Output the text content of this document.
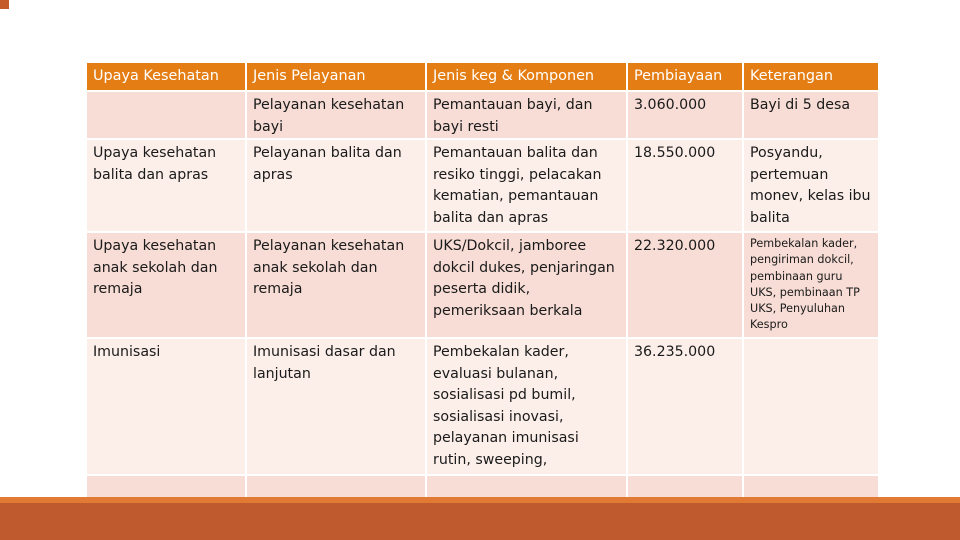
Upaya Kesehatan	Jenis Pelayanan	Jenis keg & Komponen	Pembiayaan	Keterangan
	Pelayanan kesehatan bayi	Pemantauan bayi, dan bayi resti	3.060.000	Bayi di 5 desa
Upaya kesehatan balita dan apras	Pelayanan balita dan apras	Pemantauan balita dan resiko tinggi, pelacakan kematian, pemantauan balita dan apras	18.550.000	Posyandu, pertemuan monev, kelas ibu balita
Upaya kesehatan anak sekolah dan remaja	Pelayanan kesehatan anak sekolah dan remaja	UKS/Dokcil, jamboree dokcil dukes, penjaringan peserta didik, pemeriksaan berkala	22.320.000	Pembekalan kader, pengiriman dokcil, pembinaan guru UKS, pembinaan TP UKS, Penyuluhan Kespro
Imunisasi	Imunisasi dasar dan lanjutan	Pembekalan kader, evaluasi bulanan, sosialisasi pd bumil, sosialisasi inovasi, pelayanan imunisasi rutin, sweeping,	36.235.000	
